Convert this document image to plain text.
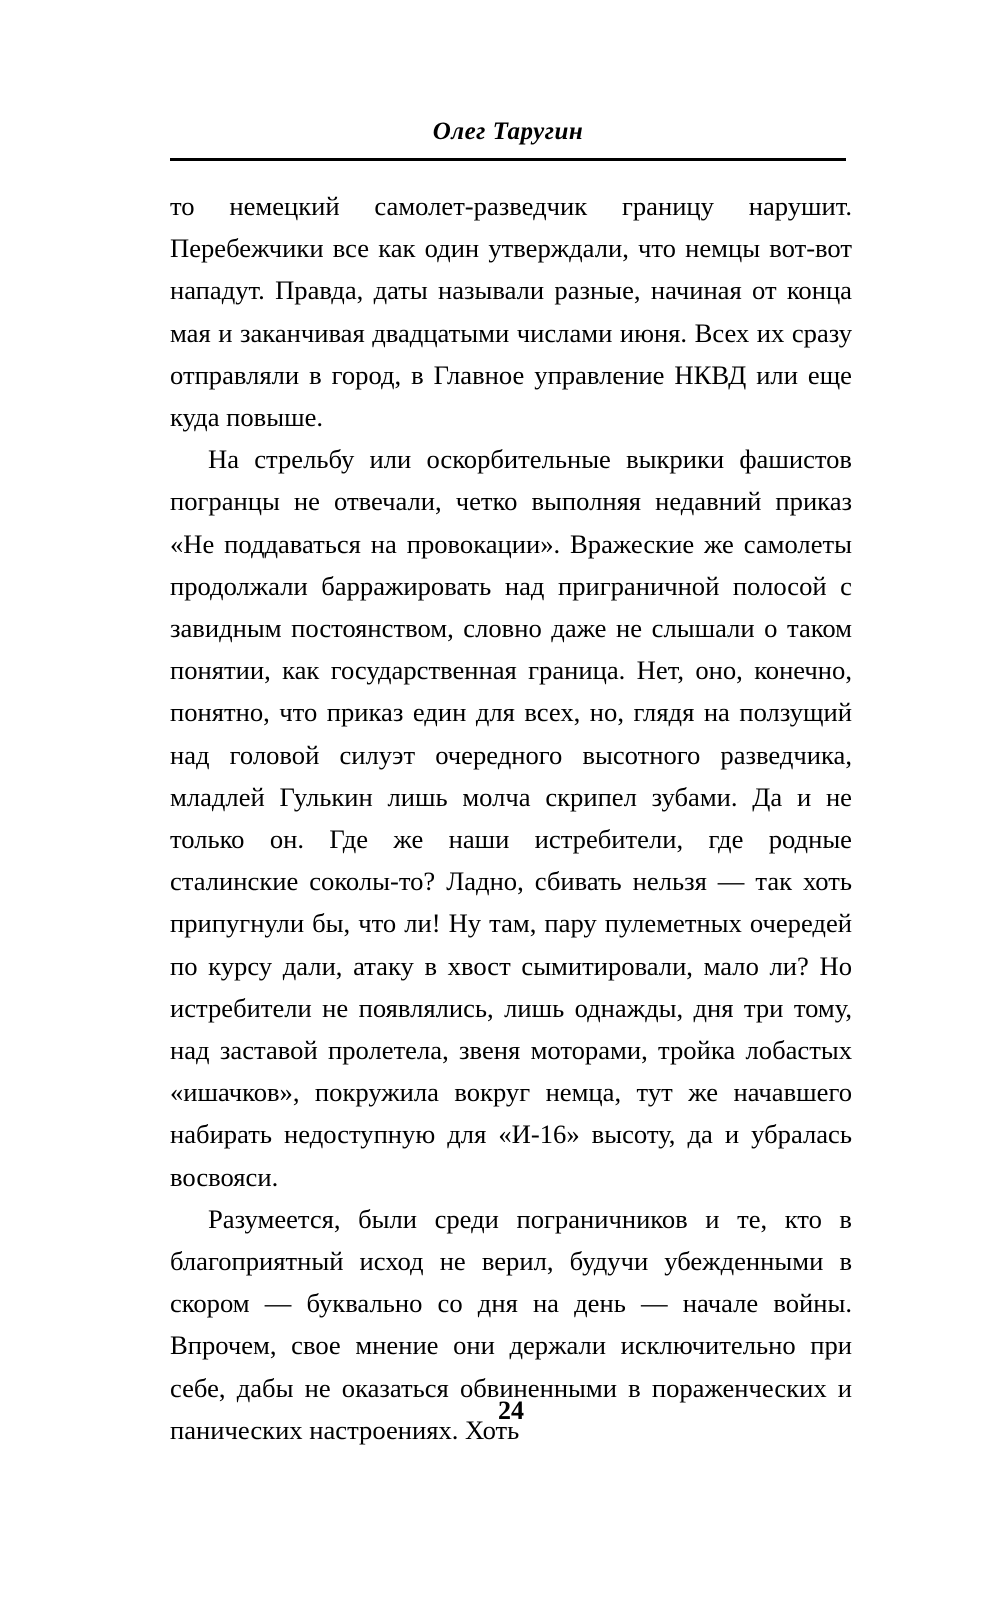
Олег Таругин

то немецкий самолет-разведчик границу нарушит. Перебежчики все как один утверждали, что немцы вот-вот нападут. Правда, даты называли разные, начиная от конца мая и заканчивая двадцатыми числами июня. Всех их сразу отправляли в город, в Главное управление НКВД или еще куда повыше.

На стрельбу или оскорбительные выкрики фашистов погранцы не отвечали, четко выполняя недавний приказ «Не поддаваться на провокации». Вражеские же самолеты продолжали барражировать над приграничной полосой с завидным постоянством, словно даже не слышали о таком понятии, как государственная граница. Нет, оно, конечно, понятно, что приказ един для всех, но, глядя на ползущий над головой силуэт очередного высотного разведчика, младлей Гулькин лишь молча скрипел зубами. Да и не только он. Где же наши истребители, где родные сталинские соколы-то? Ладно, сбивать нельзя — так хоть припугнули бы, что ли! Ну там, пару пулеметных очередей по курсу дали, атаку в хвост сымитировали, мало ли? Но истребители не появлялись, лишь однажды, дня три тому, над заставой пролетела, звеня моторами, тройка лобастых «ишачков», покружила вокруг немца, тут же начавшего набирать недоступную для «И-16» высоту, да и убралась восвояси.

Разумеется, были среди пограничников и те, кто в благоприятный исход не верил, будучи убежденными в скором — буквально со дня на день — начале войны. Впрочем, свое мнение они держали исключительно при себе, дабы не оказаться обвиненными в пораженческих и панических настроениях. Хоть

24
